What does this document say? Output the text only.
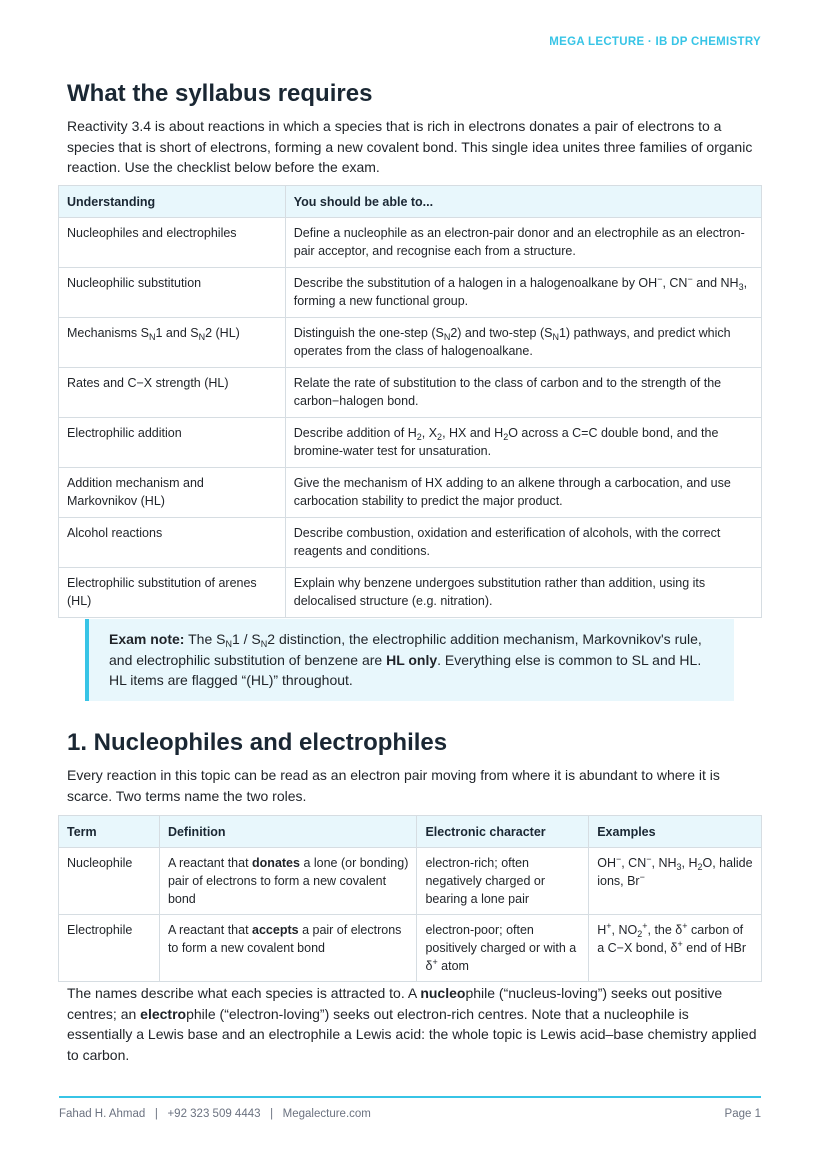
MEGA LECTURE · IB DP CHEMISTRY
What the syllabus requires

Reactivity 3.4 is about reactions in which a species that is rich in electrons donates a pair of electrons to a species that is short of electrons, forming a new covalent bond. This single idea unites three families of organic reaction. Use the checklist below before the exam.

Understanding	You should be able to...
Nucleophiles and electrophiles	Define a nucleophile as an electron-pair donor and an electrophile as an electron-pair acceptor, and recognise each from a structure.
Nucleophilic substitution	Describe the substitution of a halogen in a halogenoalkane by OH−, CN− and $NH_3$, forming a new functional group.
Mechanisms $S_N1$ and $S_N2$ (HL)	Distinguish the one-step $(S_N2)$ and two-step $(S_N1)$ pathways, and predict which operates from the class of halogenoalkane.
Rates and C−X strength (HL)	Relate the rate of substitution to the class of carbon and to the strength of the carbon−halogen bond.
Electrophilic addition	Describe addition of $H_2$, $X_2$, HX and $H_2O$ across a C=C double bond, and the bromine-water test for unsaturation.
Addition mechanism and Markovnikov (HL)	Give the mechanism of HX adding to an alkene through a carbocation, and use carbocation stability to predict the major product.
Alcohol reactions	Describe combustion, oxidation and esterification of alcohols, with the correct reagents and conditions.
Electrophilic substitution of arenes (HL)	Explain why benzene undergoes substitution rather than addition, using its delocalised structure (e.g. nitration).
Exam note: The $S_N1 / S_N2$ distinction, the electrophilic addition mechanism, Markovnikov's rule, and electrophilic substitution of benzene are HL only. Everything else is common to SL and HL. HL items are flagged “(HL)” throughout.
1. Nucleophiles and electrophiles

Every reaction in this topic can be read as an electron pair moving from where it is abundant to where it is scarce. Two terms name the two roles.

Term	Definition	Electronic character	Examples
Nucleophile	A reactant that donates a lone (or bonding) pair of electrons to form a new covalent bond	electron-rich; often negatively charged or bearing a lone pair	OH−, CN−, $NH_3$, $H_2O$, halide ions, Br−
Electrophile	A reactant that accepts a pair of electrons to form a new covalent bond	electron-poor; often positively charged or with a δ+ atom	H+, $NO_2^+$, the δ+ carbon of a C−X bond, δ+ end of HBr

The names describe what each species is attracted to. A nucleophile (“nucleus-loving”) seeks out positive centres; an electrophile (“electron-loving”) seeks out electron-rich centres. Note that a nucleophile is essentially a Lewis base and an electrophile a Lewis acid: the whole topic is Lewis acid–base chemistry applied to carbon.

Fahad H. Ahmad   |   +92 323 509 4443   |   Megalecture.com	Page 1
